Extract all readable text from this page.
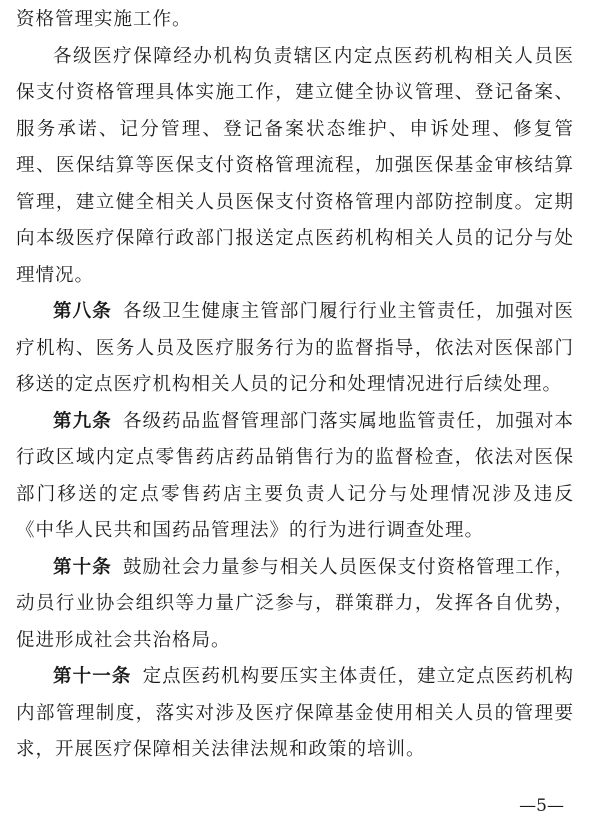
资格管理实施工作。

各级医疗保障经办机构负责辖区内定点医药机构相关人员医保支付资格管理具体实施工作，建立健全协议管理、登记备案、服务承诺、记分管理、登记备案状态维护、申诉处理、修复管理、医保结算等医保支付资格管理流程，加强医保基金审核结算管理，建立健全相关人员医保支付资格管理内部防控制度。定期向本级医疗保障行政部门报送定点医药机构相关人员的记分与处理情况。

第八条 各级卫生健康主管部门履行行业主管责任，加强对医疗机构、医务人员及医疗服务行为的监督指导，依法对医保部门移送的定点医疗机构相关人员的记分和处理情况进行后续处理。

第九条 各级药品监督管理部门落实属地监管责任，加强对本行政区域内定点零售药店药品销售行为的监督检查，依法对医保部门移送的定点零售药店主要负责人记分与处理情况涉及违反《中华人民共和国药品管理法》的行为进行调查处理。

第十条 鼓励社会力量参与相关人员医保支付资格管理工作，动员行业协会组织等力量广泛参与，群策群力，发挥各自优势，促进形成社会共治格局。

第十一条 定点医药机构要压实主体责任，建立定点医药机构内部管理制度，落实对涉及医疗保障基金使用相关人员的管理要求，开展医疗保障相关法律法规和政策的培训。

—5—
